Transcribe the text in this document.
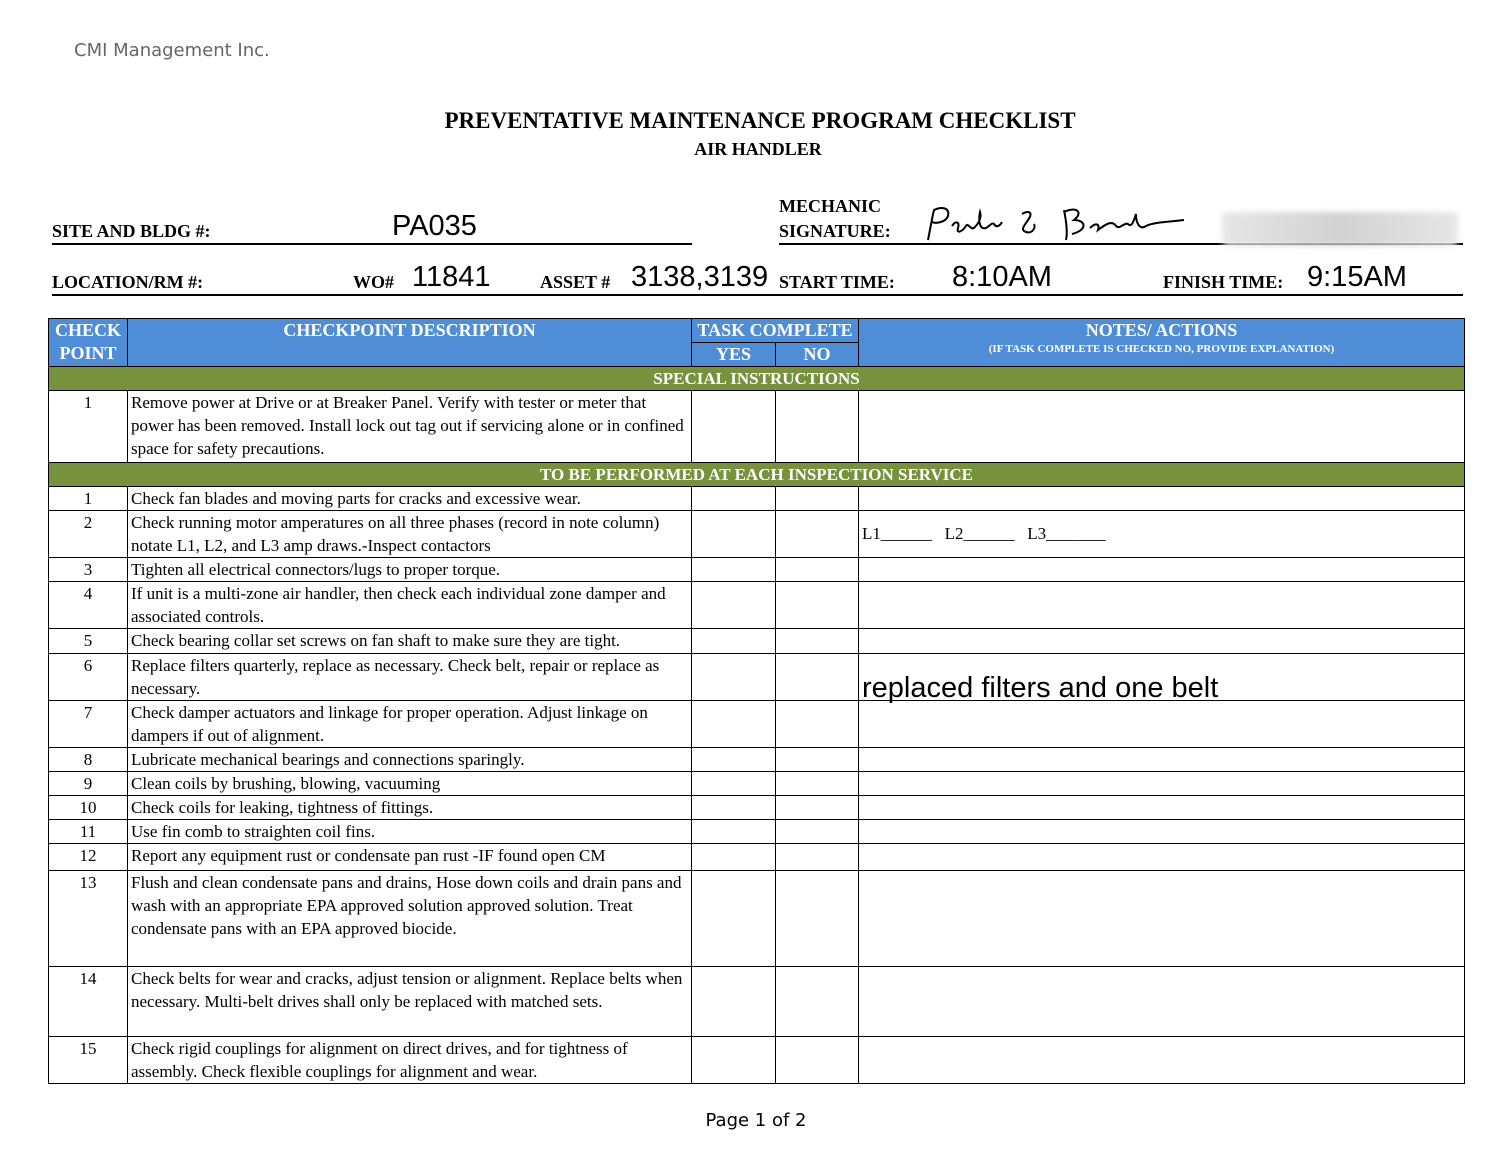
CMI Management Inc.
PREVENTATIVE MAINTENANCE PROGRAM CHECKLIST
AIR HANDLER
SITE AND BLDG #:	PA035
MECHANIC
SIGNATURE:
LOCATION/RM #:	WO# 11841	ASSET # 3138,3139 START TIME: 8:10AM	FINISH TIME: 9:15AM
CHECK POINT	CHECKPOINT DESCRIPTION	TASK COMPLETE		NOTES/ ACTIONS
(IF TASK COMPLETE IS CHECKED NO, PROVIDE EXPLANATION)

		YES	NO	
SPECIAL INSTRUCTIONS				
1	Remove power at Drive or at Breaker Panel. Verify with tester or meter that power has been removed. Install lock out tag out if servicing alone or in confined space for safety precautions.			
TO BE PERFORMED AT EACH INSPECTION SERVICE				
1	Check fan blades and moving parts for cracks and excessive wear.			
2	Check running motor amperatures on all three phases (record in note column) notate L1, L2, and L3 amp draws.-Inspect contactors			L1______   L2______   L3_______
3	Tighten all electrical connectors/lugs to proper torque.			
4	If unit is a multi-zone air handler, then check each individual zone damper and associated controls.			
5	Check bearing collar set screws on fan shaft to make sure they are tight.			
6	Replace filters quarterly, replace as necessary. Check belt, repair or replace as necessary.			replaced filters and one belt
7	Check damper actuators and linkage for proper operation. Adjust linkage on dampers if out of alignment.			
8	Lubricate mechanical bearings and connections sparingly.			
9	Clean coils by brushing, blowing, vacuuming			
10	Check coils for leaking, tightness of fittings.			
11	Use fin comb to straighten coil fins.			
12	Report any equipment rust or condensate pan rust -IF found open CM			
13	Flush and clean condensate pans and drains, Hose down coils and drain pans and wash with an appropriate EPA approved solution approved solution. Treat condensate pans with an EPA approved biocide.			
14	Check belts for wear and cracks, adjust tension or alignment. Replace belts when necessary. Multi-belt drives shall only be replaced with matched sets.			
15	Check rigid couplings for alignment on direct drives, and for tightness of assembly. Check flexible couplings for alignment and wear.			
Page 1 of 2
